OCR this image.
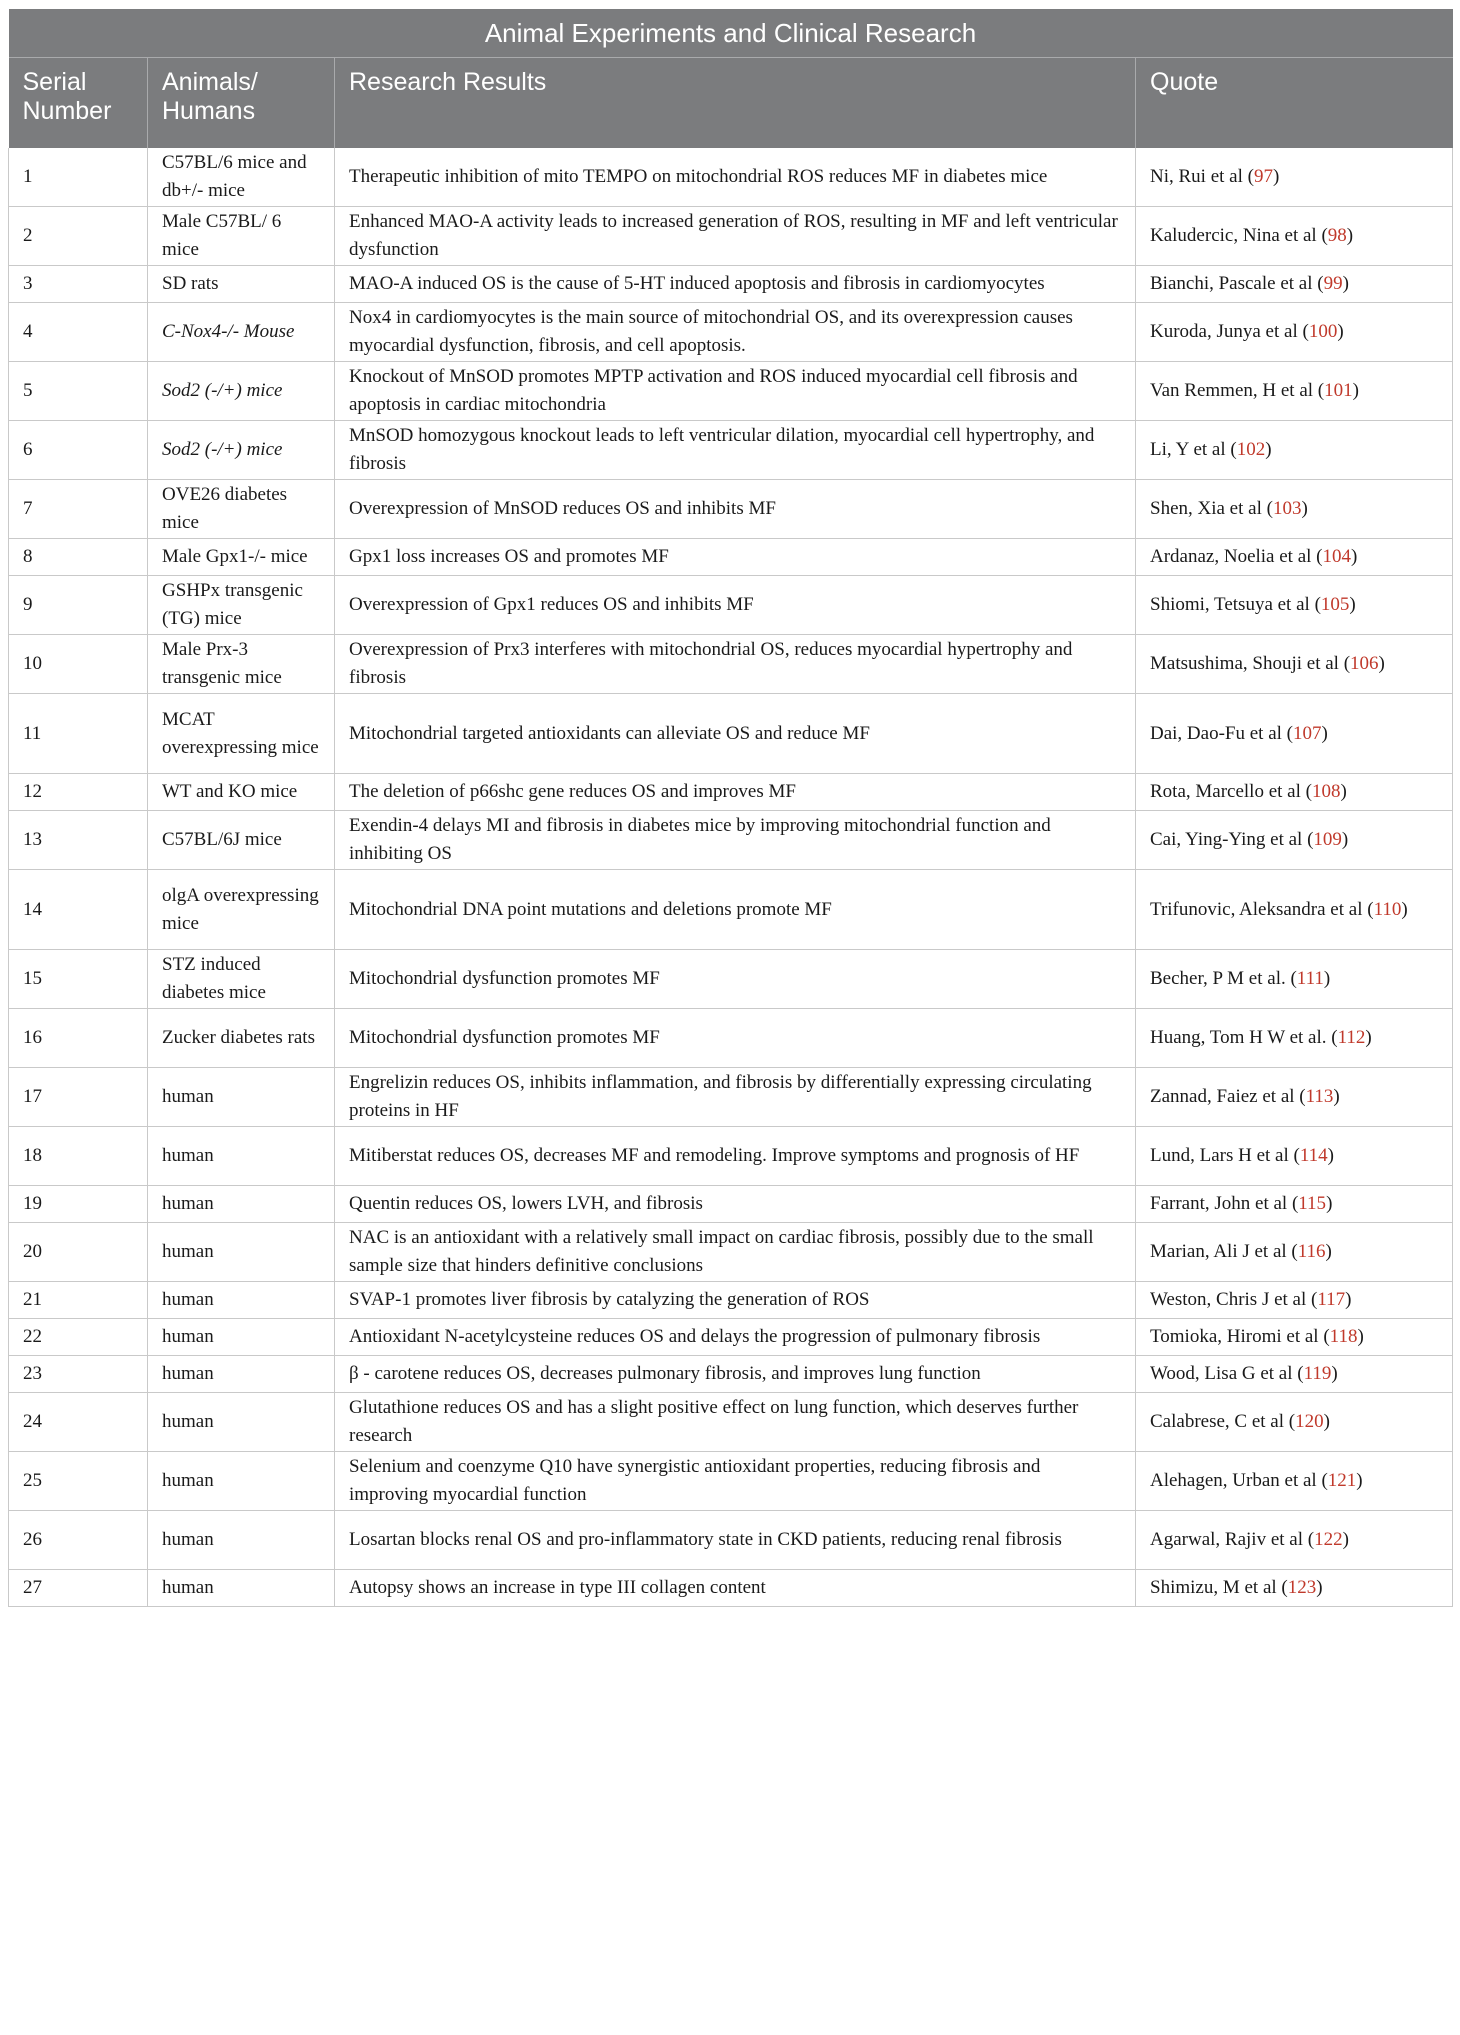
Animal Experiments and Clinical Research			
Serial Number	Animals/ Humans	Research Results	Quote
1	C57BL/6 mice and db+/- mice	Therapeutic inhibition of mito TEMPO on mitochondrial ROS reduces MF in diabetes mice	Ni, Rui et al (97)
2	Male C57BL/ 6 mice	Enhanced MAO-A activity leads to increased generation of ROS, resulting in MF and left ventricular dysfunction	Kaludercic, Nina et al (98)
3	SD rats	MAO-A induced OS is the cause of 5-HT induced apoptosis and fibrosis in cardiomyocytes	Bianchi, Pascale et al (99)
4	C-Nox4-/- Mouse	Nox4 in cardiomyocytes is the main source of mitochondrial OS, and its overexpression causes myocardial dysfunction, fibrosis, and cell apoptosis.	Kuroda, Junya et al (100)
5	Sod2 (-/+) mice	Knockout of MnSOD promotes MPTP activation and ROS induced myocardial cell fibrosis and apoptosis in cardiac mitochondria	Van Remmen, H et al (101)
6	Sod2 (-/+) mice	MnSOD homozygous knockout leads to left ventricular dilation, myocardial cell hypertrophy, and fibrosis	Li, Y et al (102)
7	OVE26 diabetes mice	Overexpression of MnSOD reduces OS and inhibits MF	Shen, Xia et al (103)
8	Male Gpx1-/- mice	Gpx1 loss increases OS and promotes MF	Ardanaz, Noelia et al (104)
9	GSHPx transgenic (TG) mice	Overexpression of Gpx1 reduces OS and inhibits MF	Shiomi, Tetsuya et al (105)
10	Male Prx-3 transgenic mice	Overexpression of Prx3 interferes with mitochondrial OS, reduces myocardial hypertrophy and fibrosis	Matsushima, Shouji et al (106)
11	MCAT overexpressing mice	Mitochondrial targeted antioxidants can alleviate OS and reduce MF	Dai, Dao-Fu et al (107)
12	WT and KO mice	The deletion of p66shc gene reduces OS and improves MF	Rota, Marcello et al (108)
13	C57BL/6J mice	Exendin-4 delays MI and fibrosis in diabetes mice by improving mitochondrial function and inhibiting OS	Cai, Ying-Ying et al (109)
14	olgA overexpressing mice	Mitochondrial DNA point mutations and deletions promote MF	Trifunovic, Aleksandra et al (110)
15	STZ induced diabetes mice	Mitochondrial dysfunction promotes MF	Becher, P M et al. (111)
16	Zucker diabetes rats	Mitochondrial dysfunction promotes MF	Huang, Tom H W et al. (112)
17	human	Engrelizin reduces OS, inhibits inflammation, and fibrosis by differentially expressing circulating proteins in HF	Zannad, Faiez et al (113)
18	human	Mitiberstat reduces OS, decreases MF and remodeling. Improve symptoms and prognosis of HF	Lund, Lars H et al (114)
19	human	Quentin reduces OS, lowers LVH, and fibrosis	Farrant, John et al (115)
20	human	NAC is an antioxidant with a relatively small impact on cardiac fibrosis, possibly due to the small sample size that hinders definitive conclusions	Marian, Ali J et al (116)
21	human	SVAP-1 promotes liver fibrosis by catalyzing the generation of ROS	Weston, Chris J et al (117)
22	human	Antioxidant N-acetylcysteine reduces OS and delays the progression of pulmonary fibrosis	Tomioka, Hiromi et al (118)
23	human	β - carotene reduces OS, decreases pulmonary fibrosis, and improves lung function	Wood, Lisa G et al (119)
24	human	Glutathione reduces OS and has a slight positive effect on lung function, which deserves further research	Calabrese, C et al (120)
25	human	Selenium and coenzyme Q10 have synergistic antioxidant properties, reducing fibrosis and improving myocardial function	Alehagen, Urban et al (121)
26	human	Losartan blocks renal OS and pro-inflammatory state in CKD patients, reducing renal fibrosis	Agarwal, Rajiv et al (122)
27	human	Autopsy shows an increase in type III collagen content	Shimizu, M et al (123)
